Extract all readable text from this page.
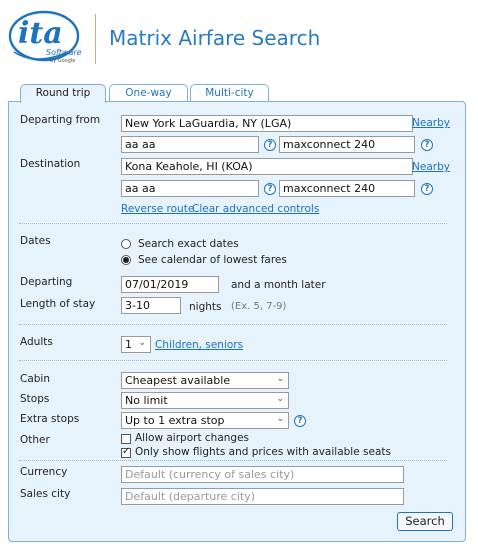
ita
Software
by Google
Matrix Airfare Search
Round trip	One-way	Multi-city
Departing from	New York LaGuardia, NY (LGA)	Nearby
aa aa	? maxconnect 240	?
Destination	Kona Keahole, HI (KOA)	Nearby
aa aa	? maxconnect 240	?
Reverse route
Clear advanced controls
Dates	Search exact dates
See calendar of lowest fares
Departing	07/01/2019	and a month later
Length of stay	3-10	nights (Ex. 5, 7-9)
Adults	1 ⌄ Children, seniors
Cabin	Cheapest available	⌄
Stops	No limit	⌄
Extra stops	Up to 1 extra stop	⌄	?
Other	Allow airport changes
✓
Only show flights and prices with available seats
Currency	Default (currency of sales city)
Sales city	Default (departure city)
Search
